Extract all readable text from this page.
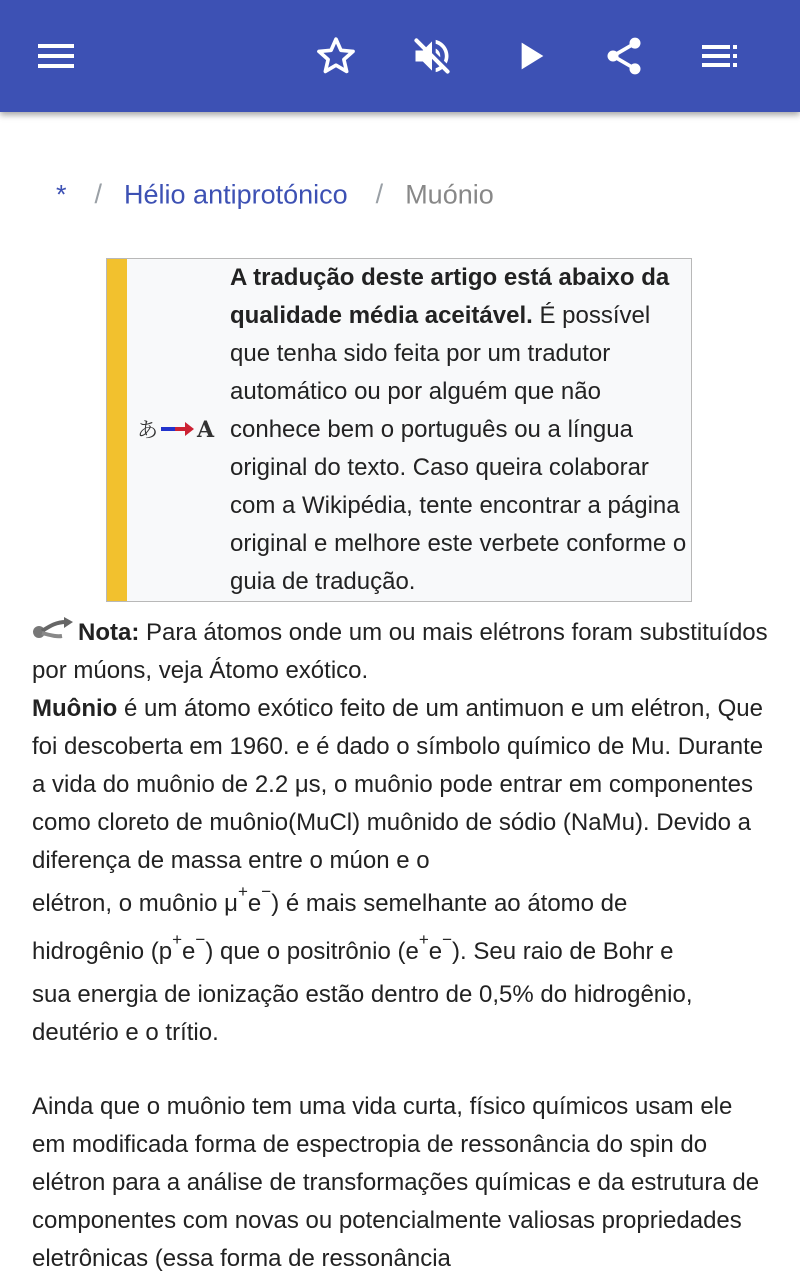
* / Hélio antiprotónico / Muónio
あ A
A tradução deste artigo está abaixo da qualidade média aceitável. É possível que tenha sido feita por um tradutor automático ou por alguém que não conhece bem o português ou a língua original do texto. Caso queira colaborar com a Wikipédia, tente encontrar a página original e melhore este verbete conforme o guia de tradução.

Nota: Para átomos onde um ou mais elétrons foram substituídos por múons, veja Átomo exótico.

Muônio é um átomo exótico feito de um antimuon e um elétron, Que foi descoberta em 1960. e é dado o símbolo químico de Mu. Durante a vida do muônio de 2.2 μs, o muônio pode entrar em componentes como cloreto de muônio(MuCl) muônido de sódio (NaMu). Devido a diferença de massa entre o múon e o
elétron, o muônio μ+e−) é mais semelhante ao átomo de
hidrogênio (p+e−) que o positrônio (e+e−). Seu raio de Bohr e
sua energia de ionização estão dentro de 0,5% do hidrogênio, deutério e o trítio.

Ainda que o muônio tem uma vida curta, físico químicos usam ele em modificada forma de espectropia de ressonância do spin do elétron para a análise de transformações químicas e da estrutura de componentes com novas ou potencialmente valiosas propriedades eletrônicas (essa forma de ressonância
